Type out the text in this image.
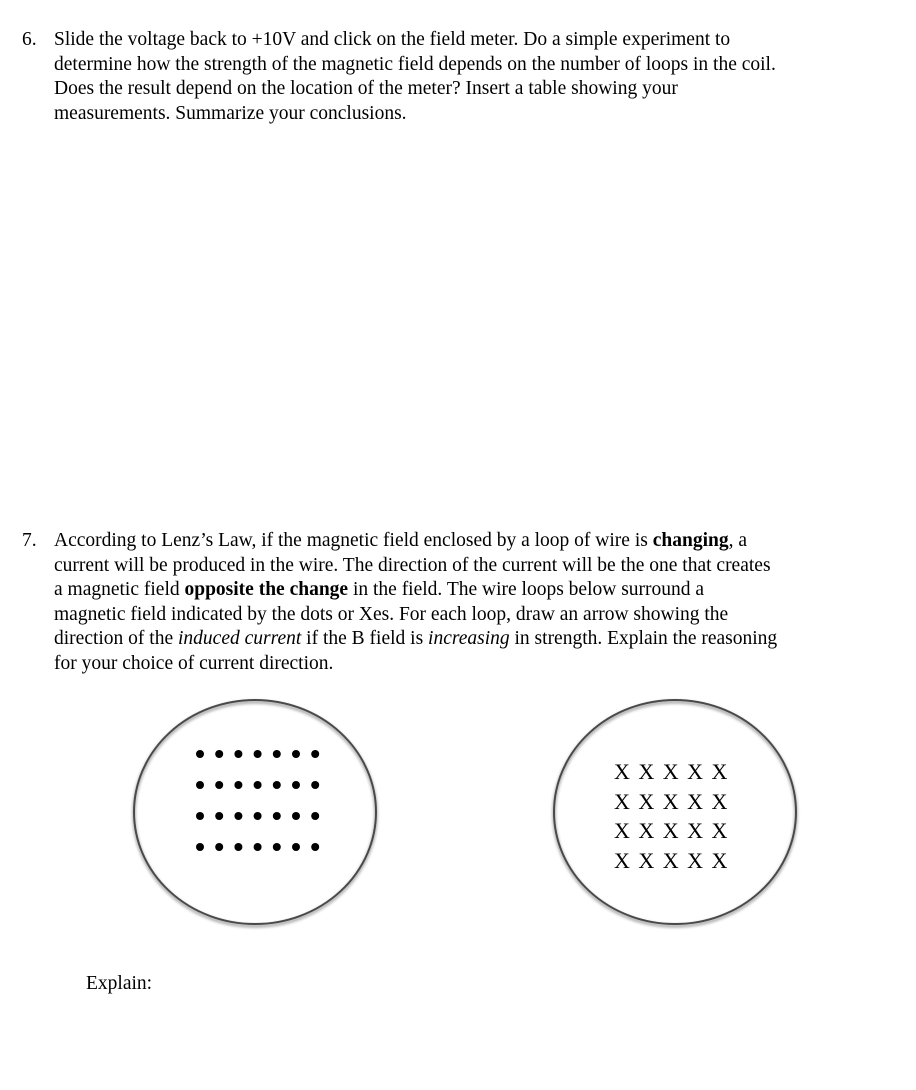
6. Slide the voltage back to +10V and click on the field meter. Do a simple experiment to
determine how the strength of the magnetic field depends on the number of loops in the coil.
Does the result depend on the location of the meter? Insert a table showing your
measurements. Summarize your conclusions.
7. According to Lenz’s Law, if the magnetic field enclosed by a loop of wire is changing, a
current will be produced in the wire. The direction of the current will be the one that creates
a magnetic field opposite the change in the field. The wire loops below surround a
magnetic field indicated by the dots or Xes. For each loop, draw an arrow showing the
direction of the induced current if the B field is increasing in strength. Explain the reasoning
for your choice of current direction.
X X X X X
X X X X X
X X X X X
X X X X X
Explain:
